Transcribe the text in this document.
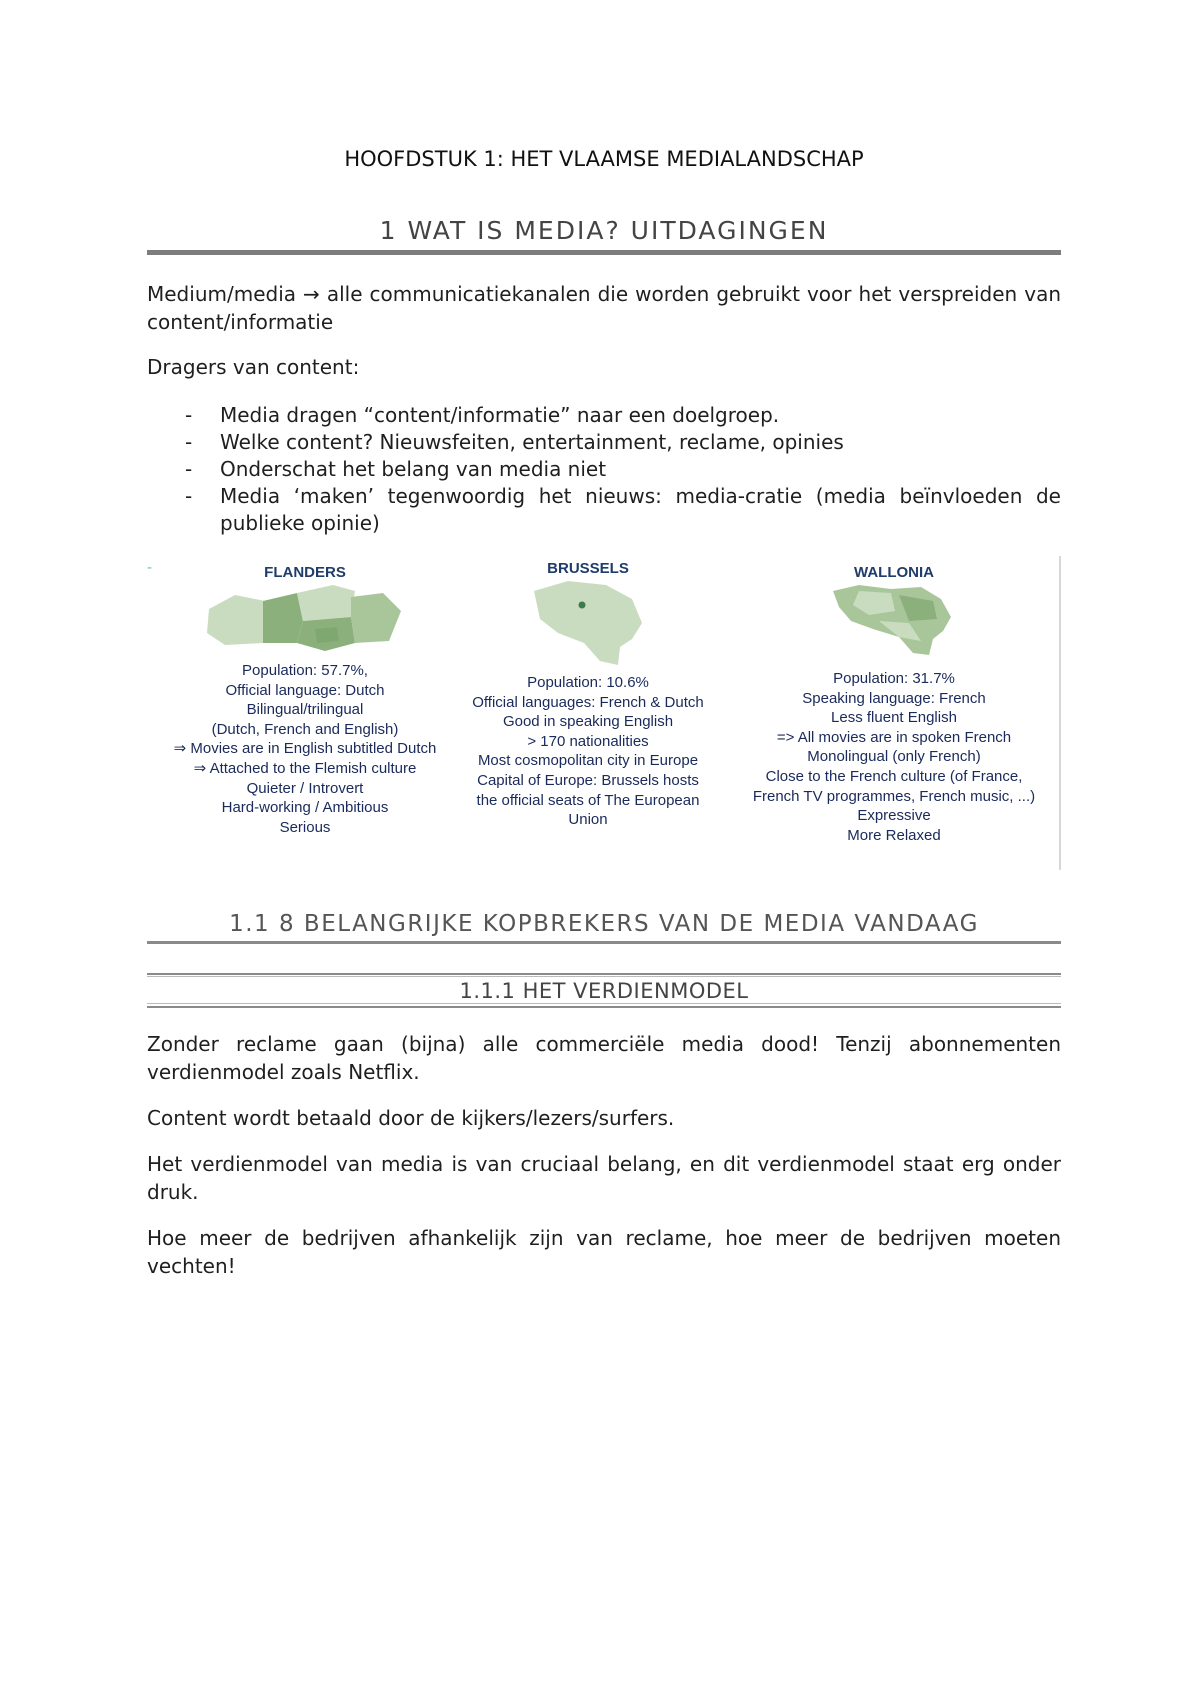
HOOFDSTUK 1: HET VLAAMSE MEDIALANDSCHAP
1 WAT IS MEDIA? UITDAGINGEN
Medium/media → alle communicatiekanalen die worden gebruikt voor het verspreiden van content/informatie
Dragers van content:
- Media dragen “content/informatie” naar een doelgroep.
- Welke content? Nieuwsfeiten, entertainment, reclame, opinies
- Onderschat het belang van media niet
- Media ‘maken’ tegenwoordig het nieuws: media-cratie (media beïnvloeden de publieke opinie)
-	FLANDERS
Population: 57.7%,
Official language: Dutch
Bilingual/trilingual
(Dutch, French and English)
⇒ Movies are in English subtitled Dutch
⇒ Attached to the Flemish culture
Quieter / Introvert
Hard-working / Ambitious
Serious
BRUSSELS
Population: 10.6%
Official languages: French & Dutch
Good in speaking English
> 170 nationalities
Most cosmopolitan city in Europe
Capital of Europe: Brussels hosts
the official seats of The European
Union
WALLONIA
Population: 31.7%
Speaking language: French
Less fluent English
=> All movies are in spoken French
Monolingual (only French)
Close to the French culture (of France,
French TV programmes, French music, ...)
Expressive
More Relaxed
1.1 8 BELANGRIJKE KOPBREKERS VAN DE MEDIA VANDAAG
1.1.1 HET VERDIENMODEL
Zonder reclame gaan (bijna) alle commerciële media dood! Tenzij abonnementen verdienmodel zoals Netflix.
Content wordt betaald door de kijkers/lezers/surfers.
Het verdienmodel van media is van cruciaal belang, en dit verdienmodel staat erg onder druk.
Hoe meer de bedrijven afhankelijk zijn van reclame, hoe meer de bedrijven moeten vechten!
